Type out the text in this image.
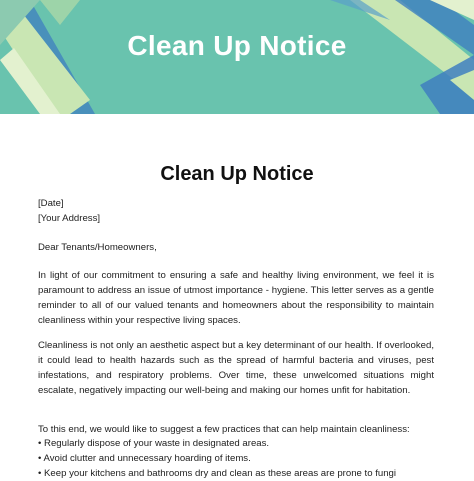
Clean Up Notice
Clean Up Notice
[Date]
[Your Address]
Dear Tenants/Homeowners,

In light of our commitment to ensuring a safe and healthy living environment, we feel it is paramount to address an issue of utmost importance - hygiene. This letter serves as a gentle reminder to all of our valued tenants and homeowners about the responsibility to maintain cleanliness within your respective living spaces.

Cleanliness is not only an aesthetic aspect but a key determinant of our health. If overlooked, it could lead to health hazards such as the spread of harmful bacteria and viruses, pest infestations, and respiratory problems. Over time, these unwelcomed situations might escalate, negatively impacting our well-being and making our homes unfit for habitation.

To this end, we would like to suggest a few practices that can help maintain cleanliness:
• Regularly dispose of your waste in designated areas.
• Avoid clutter and unnecessary hoarding of items.
• Keep your kitchens and bathrooms dry and clean as these areas are prone to fungi
